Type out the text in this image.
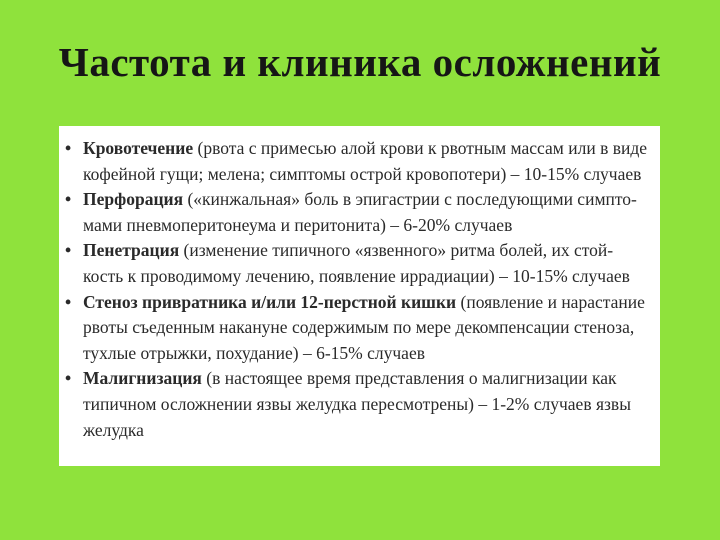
Частота и клиника осложнений
• Кровотечение (рвота с примесью алой крови к рвотным массам или в виде
кофейной гущи; мелена; симптомы острой кровопотери) – 10-15% случаев
• Перфорация («кинжальная» боль в эпигастрии с последующими симпто-
мами пневмоперитонеума и перитонита) – 6-20% случаев
• Пенетрация (изменение типичного «язвенного» ритма болей, их стой-
кость к проводимому лечению, появление иррадиации) – 10-15% случаев
• Стеноз привратника и/или 12-перстной кишки (появление и нарастание
рвоты съеденным накануне содержимым по мере декомпенсации стеноза,
тухлые отрыжки, похудание) – 6-15% случаев
• Малигнизация (в настоящее время представления о малигнизации как
типичном осложнении язвы желудка пересмотрены) – 1-2% случаев язвы
желудка
